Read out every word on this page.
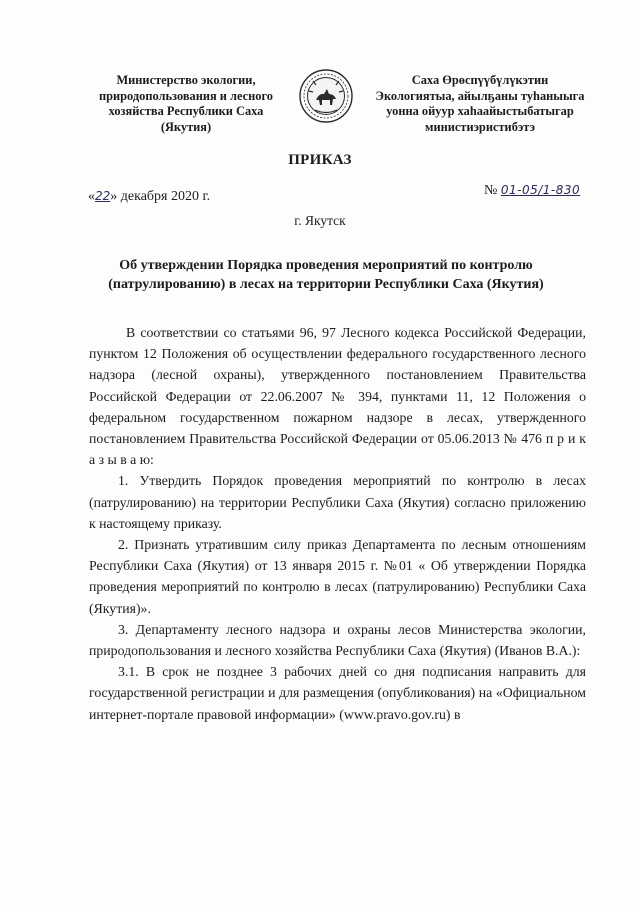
Министерство экологии,
природопользования и лесного
хозяйства Республики Саха
(Якутия)
Саха Өрөспүүбүлүкэтин
Экологиятыа, айылҕаны туһаныыга
уонна ойуур хаһаайыстыбатыгар
министиэристибэтэ
ПРИКАЗ
«22» декабря 2020 г.	№ 01-05/1-830
г. Якутск
Об утверждении Порядка проведения мероприятий по контролю
(патрулированию) в лесах на территории Республики Саха (Якутия)

В соответствии со статьями 96, 97 Лесного кодекса Российской Федерации, пунктом 12 Положения об осуществлении федерального государственного лесного надзора (лесной охраны), утвержденного постановлением Правительства Российской Федерации от 22.06.2007 № 394, пунктами 11, 12 Положения о федеральном государственном пожарном надзоре в лесах, утвержденного постановлением Правительства Российской Федерации от 05.06.2013 № 476 п р и к а з ы в а ю:

1. Утвердить Порядок проведения мероприятий по контролю в лесах (патрулированию) на территории Республики Саха (Якутия) согласно приложению к настоящему приказу.

2. Признать утратившим силу приказ Департамента по лесным отношениям Республики Саха (Якутия) от 13 января 2015 г. №01 « Об утверждении Порядка проведения мероприятий по контролю в лесах (патрулированию) Республики Саха (Якутия)».

3. Департаменту лесного надзора и охраны лесов Министерства экологии, природопользования и лесного хозяйства Республики Саха (Якутия) (Иванов В.А.):

3.1. В срок не позднее 3 рабочих дней со дня подписания направить для государственной регистрации и для размещения (опубликования) на «Официальном интернет-портале правовой информации» (www.pravo.gov.ru) в
